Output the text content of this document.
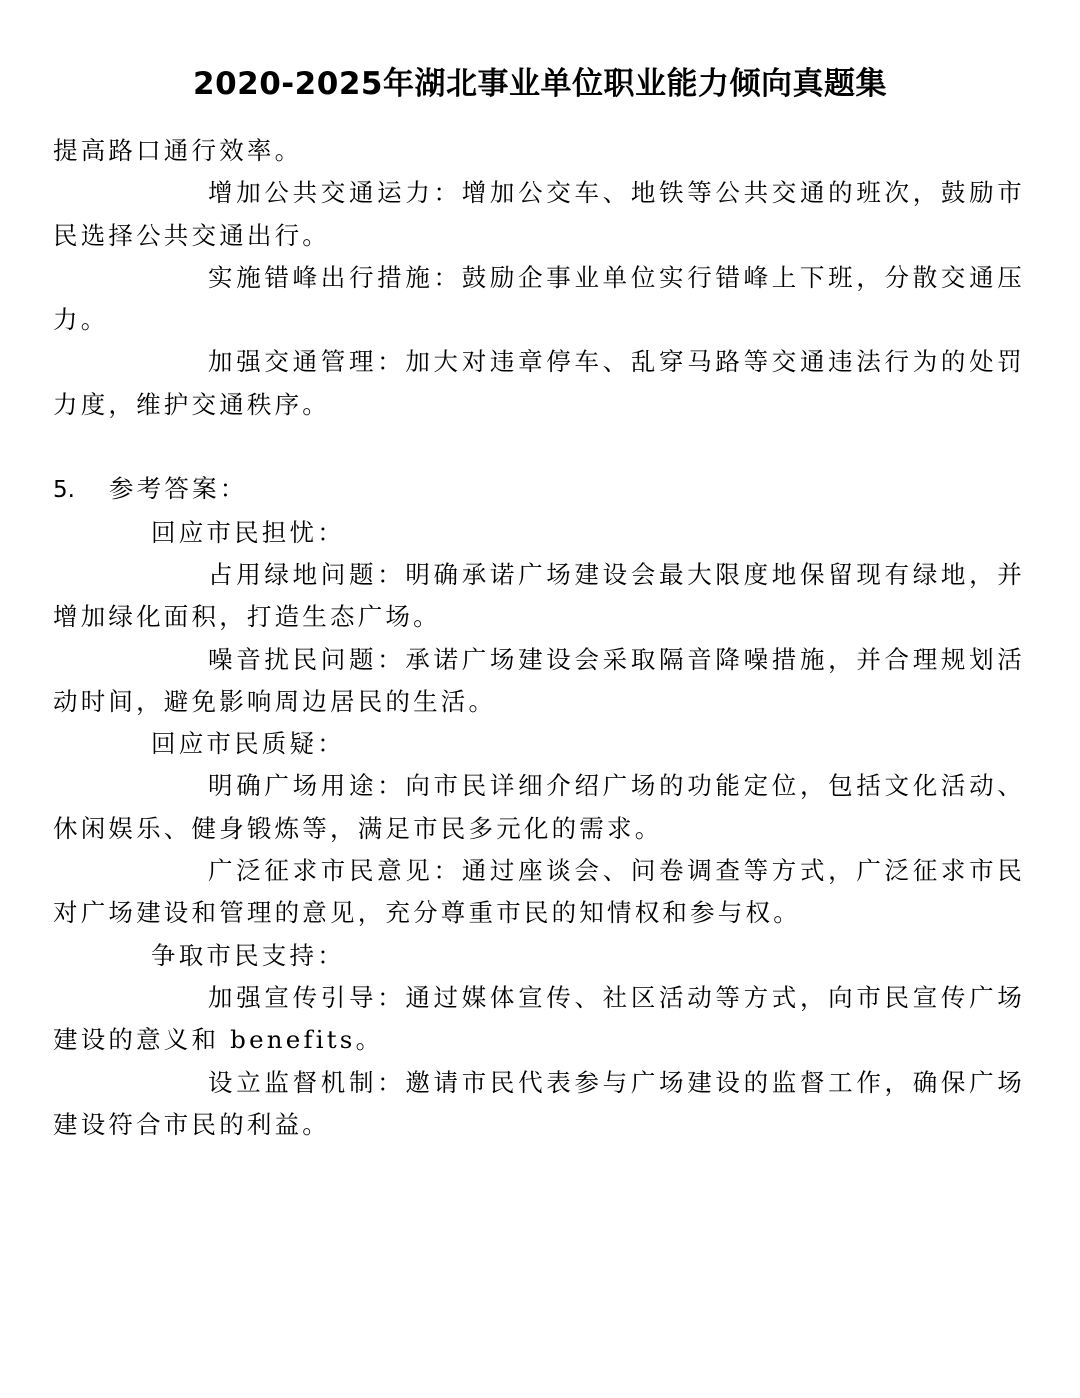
2020-2025年湖北事业单位职业能力倾向真题集

提高路口通行效率。

增加公共交通运力：增加公交车、地铁等公共交通的班次，鼓励市民选择公共交通出行。

实施错峰出行措施：鼓励企事业单位实行错峰上下班，分散交通压力。

加强交通管理：加大对违章停车、乱穿马路等交通违法行为的处罚力度，维护交通秩序。

5.	参考答案：

回应市民担忧：

占用绿地问题：明确承诺广场建设会最大限度地保留现有绿地，并增加绿化面积，打造生态广场。

噪音扰民问题：承诺广场建设会采取隔音降噪措施，并合理规划活动时间，避免影响周边居民的生活。

回应市民质疑：

明确广场用途：向市民详细介绍广场的功能定位，包括文化活动、休闲娱乐、健身锻炼等，满足市民多元化的需求。

广泛征求市民意见：通过座谈会、问卷调查等方式，广泛征求市民对广场建设和管理的意见，充分尊重市民的知情权和参与权。

争取市民支持：

加强宣传引导：通过媒体宣传、社区活动等方式，向市民宣传广场建设的意义和 benefits。

设立监督机制：邀请市民代表参与广场建设的监督工作，确保广场建设符合市民的利益。
